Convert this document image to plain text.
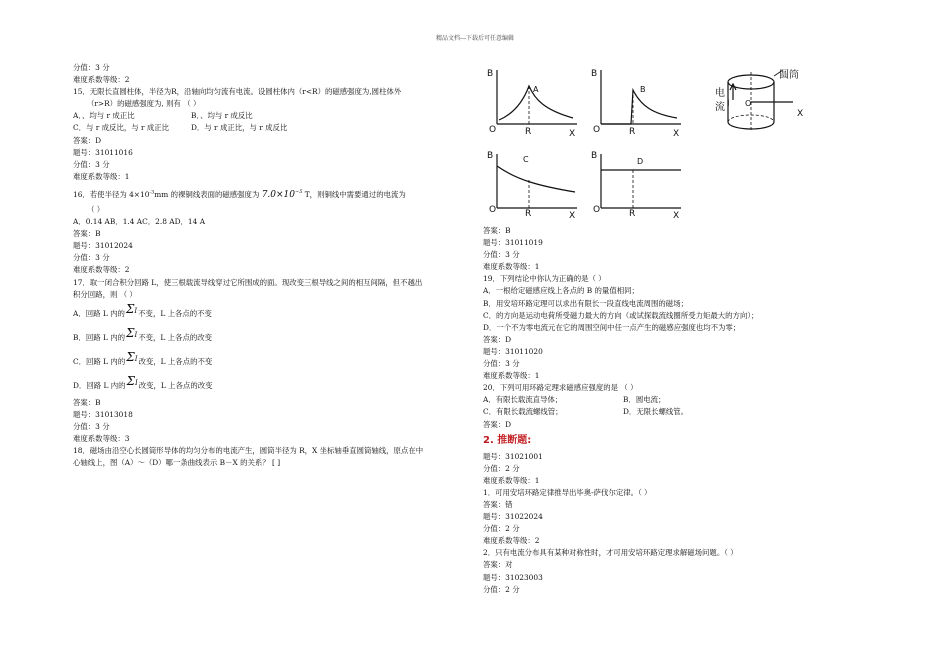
精品文档---下载后可任意编辑
分值：3 分
难度系数等级：2
15．无限长直圆柱体，半径为R，沿轴向均匀流有电流。设圆柱体内（r<R）的磁感强度为,圆柱体外
（r>R）的磁感强度为, 则有 （ ）
A．、均与 r 成正比	B．、均与 r 成反比
C．与 r 成反比，与 r 成正比	D．与 r 成正比，与 r 成反比
答案：D
题号：31011016
分值：3 分
难度系数等级：1
16．若使半径为 $4\times 10^{-3}mm$ 的裸铜线表面的磁感强度为 $7.0\times 10^{-5}$ T，则铜线中需要通过的电流为
（ ）
A．0.14 AB．1.4 AC．2.8 AD．14 A
答案：B
题号：31012024
分值：3 分
难度系数等级：2
17．取一闭合积分回路 L，使三根载流导线穿过它所围成的面。现改变三根导线之间的相互间隔，但不越出
积分回路，则 （ ）
A．回路 L 内的ΣI不变，L 上各点的不变
B．回路 L 内的ΣI不变，L 上各点的改变
C．回路 L 内的ΣI改变，L 上各点的不变
D．回路 L 内的ΣI改变，L 上各点的改变
答案：B
题号：31013018
分值：3 分
难度系数等级：3
18．磁场由沿空心长圆筒形导体的均匀分布的电流产生，圆筒半径为 R，X 坐标轴垂直圆筒轴线，原点在中
心轴线上，图（A）～（D）哪一条曲线表示 B－X 的关系？ [ ]
B
O	R	X
A
B
O	R	X
B
B
O	R	X
C	B
O	R	X
D
圆筒
电
流 I O
X
答案：B
题号：31011019
分值：3 分
难度系数等级：1
19．下列结论中你认为正确的是（ ）
A．一根给定磁感应线上各点的 B 的量值相同；
B．用安培环路定理可以求出有限长一段直线电流周围的磁场；
C．的方向是运动电荷所受磁力最大的方向（或试探载流线圈所受力矩最大的方向）；
D．一个不为零电流元在它的周围空间中任一点产生的磁感应强度也均不为零；
答案：D
题号：31011020
分值：3 分
难度系数等级：1
20．下列可用环路定理求磁感应强度的是 （ ）
A．有限长载流直导体；	B．圆电流；
C．有限长载流螺线管；	D．无限长螺线管。
答案：D
2. 推断题:
题号：31021001
分值：2 分
难度系数等级：1
1．可用安培环路定律推导出毕奥-萨伐尔定律。（ ）
答案：错
题号：31022024
分值：2 分
难度系数等级：2
2．只有电流分布具有某种对称性时，才可用安培环路定理求解磁场问题。（ ）
答案：对
题号：31023003
分值：2 分
